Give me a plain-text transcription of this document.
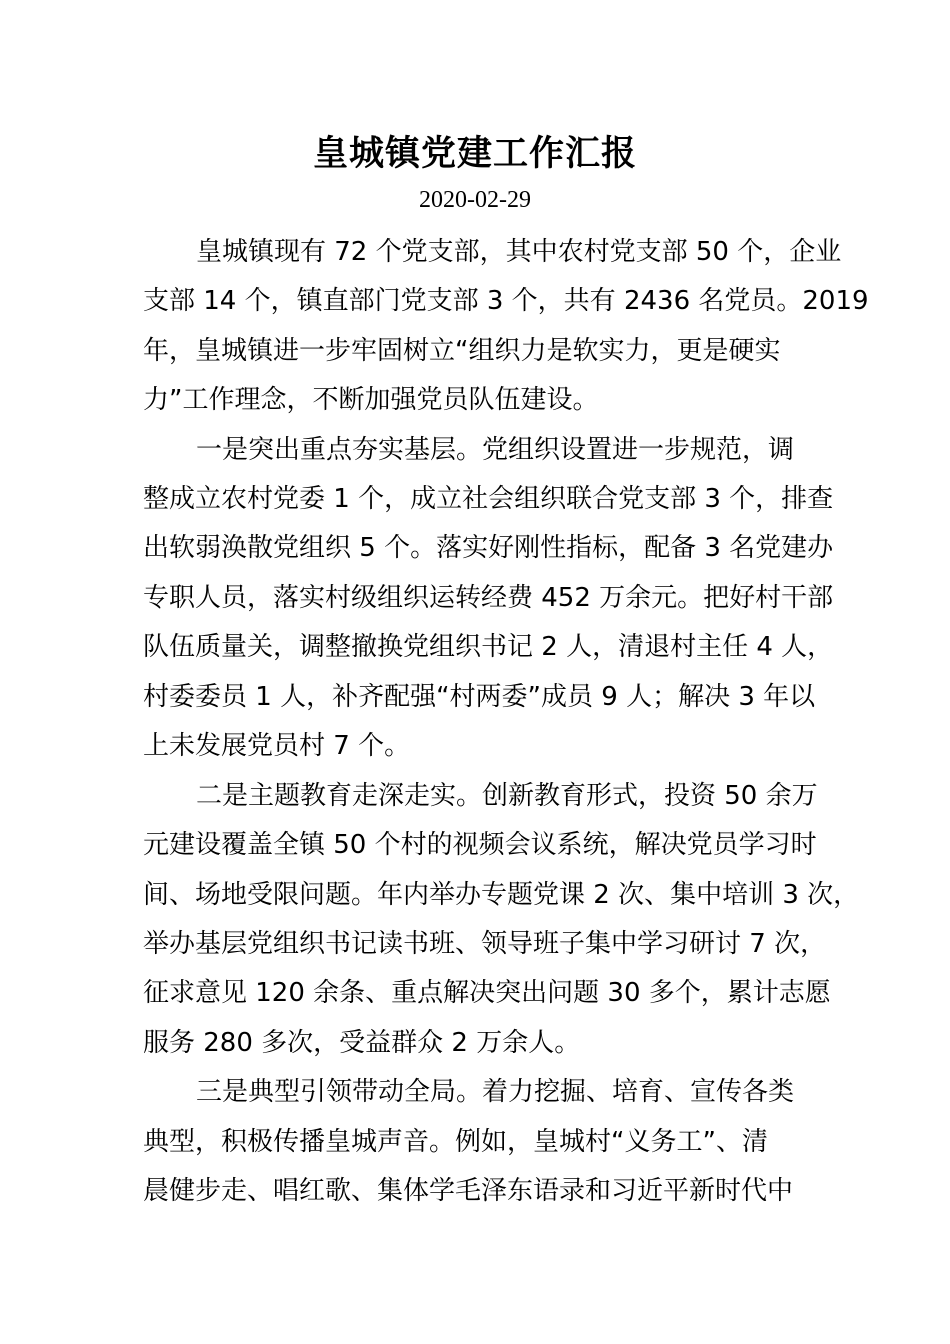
皇城镇党建工作汇报
2020-02-29
皇城镇现有 72 个党支部，其中农村党支部 50 个，企业
支部 14 个，镇直部门党支部 3 个，共有 2436 名党员。2019
年，皇城镇进一步牢固树立“组织力是软实力，更是硬实
力”工作理念，不断加强党员队伍建设。
一是突出重点夯实基层。党组织设置进一步规范，调
整成立农村党委 1 个，成立社会组织联合党支部 3 个，排查
出软弱涣散党组织 5 个。落实好刚性指标，配备 3 名党建办
专职人员，落实村级组织运转经费 452 万余元。把好村干部
队伍质量关，调整撤换党组织书记 2 人，清退村主任 4 人，
村委委员 1 人，补齐配强“村两委”成员 9 人；解决 3 年以
上未发展党员村 7 个。
二是主题教育走深走实。创新教育形式，投资 50 余万
元建设覆盖全镇 50 个村的视频会议系统，解决党员学习时
间、场地受限问题。年内举办专题党课 2 次、集中培训 3 次，
举办基层党组织书记读书班、领导班子集中学习研讨 7 次，
征求意见 120 余条、重点解决突出问题 30 多个，累计志愿
服务 280 多次，受益群众 2 万余人。
三是典型引领带动全局。着力挖掘、培育、宣传各类
典型，积极传播皇城声音。例如，皇城村“义务工”、清
晨健步走、唱红歌、集体学毛泽东语录和习近平新时代中
